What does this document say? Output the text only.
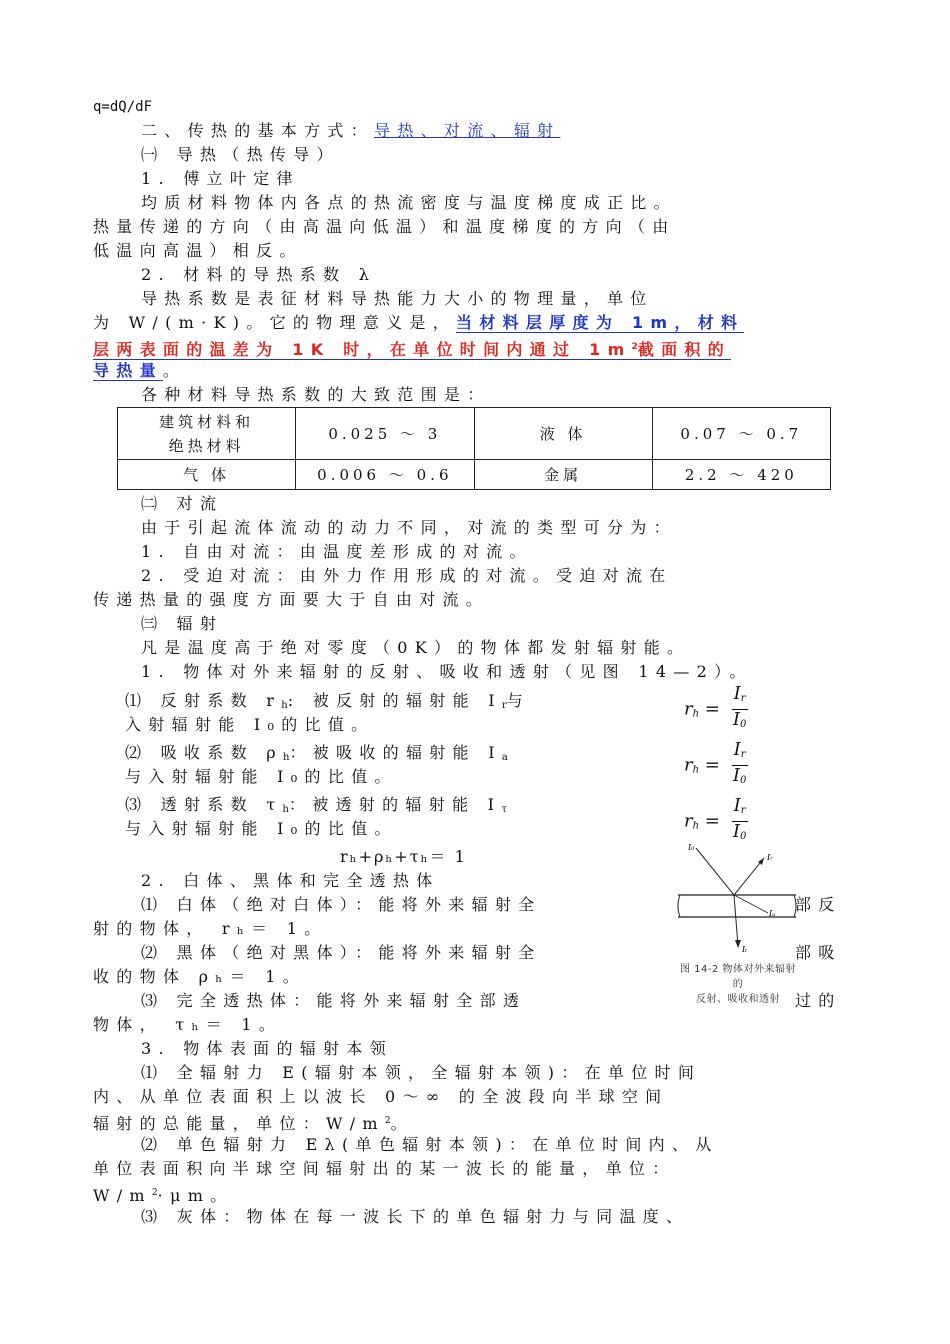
q=dQ/dF
二、传热的基本方式：导热、对流、辐射
㈠ 导热（热传导）
1. 傅立叶定律
均质材料物体内各点的热流密度与温度梯度成正比。
热量传递的方向（由高温向低温）和温度梯度的方向（由
低温向高温）相反。
2. 材料的导热系数 λ
导热系数是表征材料导热能力大小的物理量，单位
为 W/(m·K)。它的物理意义是，当材料层厚度为 1m，材料
层两表面的温差为 1K 时，在单位时间内通过 $1m^2$截面积的
导热量。
各种材料导热系数的大致范围是：
建筑材料和
绝热材料	0.025 ～ 3	液 体	0.07 ～ 0.7
气 体	0.006 ～ 0.6	金属	2.2 ～ 420
㈡ 对流
由于引起流体流动的动力不同，对流的类型可分为：
1. 自由对流：由温度差形成的对流。
2. 受迫对流：由外力作用形成的对流。受迫对流在
传递热量的强度方面要大于自由对流。
㈢ 辐射
凡是温度高于绝对零度（0K）的物体都发射辐射能。
1. 物体对外来辐射的反射、吸收和透射（见图 14—2）。
⑴ 反射系数 $r_h$: 被反射的辐射能 $I_r$与
入射辐射能 I₀的比值。
⑵ 吸收系数 $\rho_h$：被吸收的辐射能 $I_a$
与入射辐射能 I₀的比值。
⑶ 透射系数 $\tau_h$：被透射的辐射能 $I_\tau$
与入射辐射能 I₀的比值。
$r_h = \frac{I_r}{I_0}$
$r_h = \frac{I_r}{I_0}$
$r_h = \frac{I_r}{I_0}$
rₕ+ρₕ+τₕ＝ 1
2. 白体、黑体和完全透热体
⑴ 白体（绝对白体）：能将外来辐射全	部反
射的物体， rₕ＝ 1。
⑵ 黑体（绝对黑体）：能将外来辐射全	部吸
收的物体 ρₕ＝ 1。
⑶ 完全透热体：能将外来辐射全部透	过的
物体， τₕ＝ 1。
I₀
Iᵣ
Iₐ
Iₜ
图 14-2 物体对外来辐射的
反射、吸收和透射
3. 物体表面的辐射本领
⑴ 全辐射力 E(辐射本领，全辐射本领)：在单位时间
内、从单位表面积上以波长 0～∞ 的全波段向半球空间
辐射的总能量，单位：$W/m^2$。
⑵ 单色辐射力 Eλ(单色辐射本领)：在单位时间内、从
单位表面积向半球空间辐射出的某一波长的能量，单位：
$W/m^2\cdot\mu m$。
⑶ 灰体：物体在每一波长下的单色辐射力与同温度、
